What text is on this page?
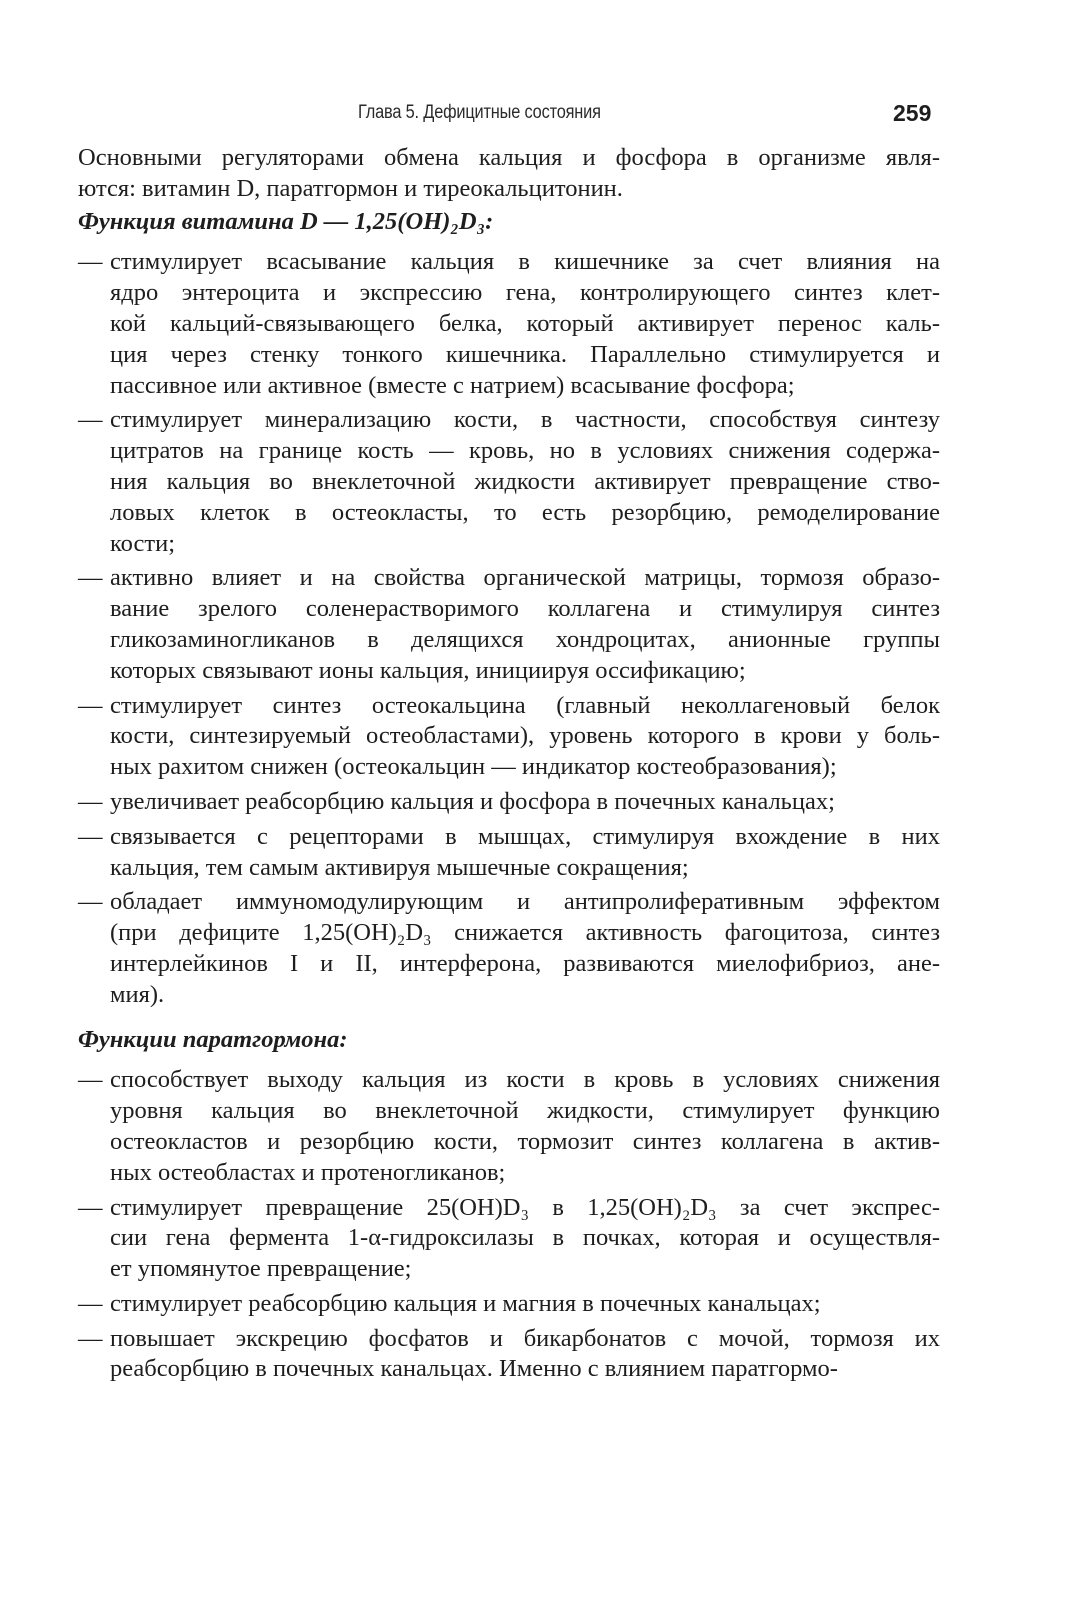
Глава 5. Дефицитные состояния	259
Основными регуляторами обмена кальция и фосфора в организме явля-
ются: витамин D, паратгормон и тиреокальцитонин.
Функция витамина D — 1,25(ОН)₂D₃:
— стимулирует всасывание кальция в кишечнике за счет влияния на
ядро энтероцита и экспрессию гена, контролирующего синтез клет-
кой кальций-связывающего белка, который активирует перенос каль-
ция через стенку тонкого кишечника. Параллельно стимулируется и
пассивное или активное (вместе с натрием) всасывание фосфора;
— стимулирует минерализацию кости, в частности, способствуя синтезу
цитратов на границе кость — кровь, но в условиях снижения содержа-
ния кальция во внеклеточной жидкости активирует превращение ство-
ловых клеток в остеокласты, то есть резорбцию, ремоделирование
кости;
— активно влияет и на свойства органической матрицы, тормозя образо-
вание зрелого соленерастворимого коллагена и стимулируя синтез
гликозаминогликанов в делящихся хондроцитах, анионные группы
которых связывают ионы кальция, инициируя оссификацию;
— стимулирует синтез остеокальцина (главный неколлагеновый белок
кости, синтезируемый остеобластами), уровень которого в крови у боль-
ных рахитом снижен (остеокальцин — индикатор костеобразования);
— увеличивает реабсорбцию кальция и фосфора в почечных канальцах;
— связывается с рецепторами в мышцах, стимулируя вхождение в них
кальция, тем самым активируя мышечные сокращения;
— обладает иммуномодулирующим и антипролиферативным эффектом
(при дефиците 1,25(OH)₂D₃ снижается активность фагоцитоза, синтез
интерлейкинов I и II, интерферона, развиваются миелофибриоз, ане-
мия).
Функции паратгормона:
— способствует выходу кальция из кости в кровь в условиях снижения
уровня кальция во внеклеточной жидкости, стимулирует функцию
остеокластов и резорбцию кости, тормозит синтез коллагена в актив-
ных остеобластах и протеногликанов;
— стимулирует превращение 25(OH)D₃ в 1,25(OH)₂D₃ за счет экспрес-
сии гена фермента 1-α-гидроксилазы в почках, которая и осуществля-
ет упомянутое превращение;
— стимулирует реабсорбцию кальция и магния в почечных канальцах;
— повышает экскрецию фосфатов и бикарбонатов с мочой, тормозя их
реабсорбцию в почечных канальцах. Именно с влиянием паратгормо-
